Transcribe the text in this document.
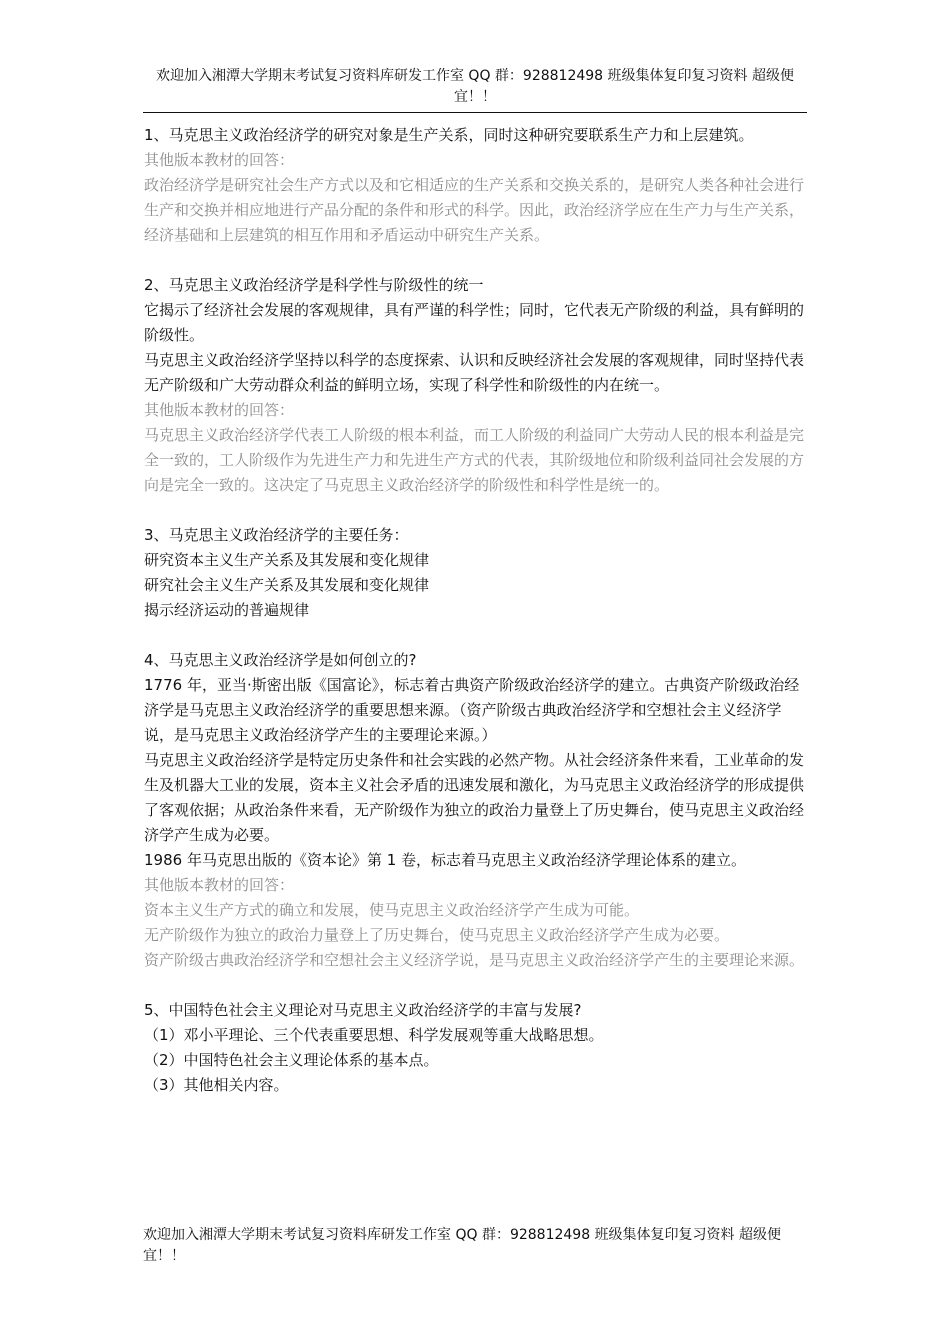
欢迎加入湘潭大学期末考试复习资料库研发工作室 QQ 群：928812498 班级集体复印复习资料 超级便宜！！

1、马克思主义政治经济学的研究对象是生产关系，同时这种研究要联系生产力和上层建筑。

其他版本教材的回答：

政治经济学是研究社会生产方式以及和它相适应的生产关系和交换关系的，是研究人类各种社会进行生产和交换并相应地进行产品分配的条件和形式的科学。因此，政治经济学应在生产力与生产关系，经济基础和上层建筑的相互作用和矛盾运动中研究生产关系。

2、马克思主义政治经济学是科学性与阶级性的统一

它揭示了经济社会发展的客观规律，具有严谨的科学性；同时，它代表无产阶级的利益，具有鲜明的阶级性。

马克思主义政治经济学坚持以科学的态度探索、认识和反映经济社会发展的客观规律，同时坚持代表无产阶级和广大劳动群众利益的鲜明立场，实现了科学性和阶级性的内在统一。

其他版本教材的回答：

马克思主义政治经济学代表工人阶级的根本利益，而工人阶级的利益同广大劳动人民的根本利益是完全一致的，工人阶级作为先进生产力和先进生产方式的代表，其阶级地位和阶级利益同社会发展的方向是完全一致的。这决定了马克思主义政治经济学的阶级性和科学性是统一的。

3、马克思主义政治经济学的主要任务：

研究资本主义生产关系及其发展和变化规律

研究社会主义生产关系及其发展和变化规律

揭示经济运动的普遍规律

4、马克思主义政治经济学是如何创立的?

1776 年，亚当·斯密出版《国富论》，标志着古典资产阶级政治经济学的建立。古典资产阶级政治经济学是马克思主义政治经济学的重要思想来源。（资产阶级古典政治经济学和空想社会主义经济学说，是马克思主义政治经济学产生的主要理论来源。）

马克思主义政治经济学是特定历史条件和社会实践的必然产物。从社会经济条件来看，工业革命的发生及机器大工业的发展，资本主义社会矛盾的迅速发展和激化，为马克思主义政治经济学的形成提供了客观依据；从政治条件来看，无产阶级作为独立的政治力量登上了历史舞台，使马克思主义政治经济学产生成为必要。

1986 年马克思出版的《资本论》第 1 卷，标志着马克思主义政治经济学理论体系的建立。

其他版本教材的回答：

资本主义生产方式的确立和发展，使马克思主义政治经济学产生成为可能。

无产阶级作为独立的政治力量登上了历史舞台，使马克思主义政治经济学产生成为必要。

资产阶级古典政治经济学和空想社会主义经济学说，是马克思主义政治经济学产生的主要理论来源。

5、中国特色社会主义理论对马克思主义政治经济学的丰富与发展?

（1）邓小平理论、三个代表重要思想、科学发展观等重大战略思想。

（2）中国特色社会主义理论体系的基本点。

（3）其他相关内容。

欢迎加入湘潭大学期末考试复习资料库研发工作室 QQ 群：928812498 班级集体复印复习资料 超级便宜！！
